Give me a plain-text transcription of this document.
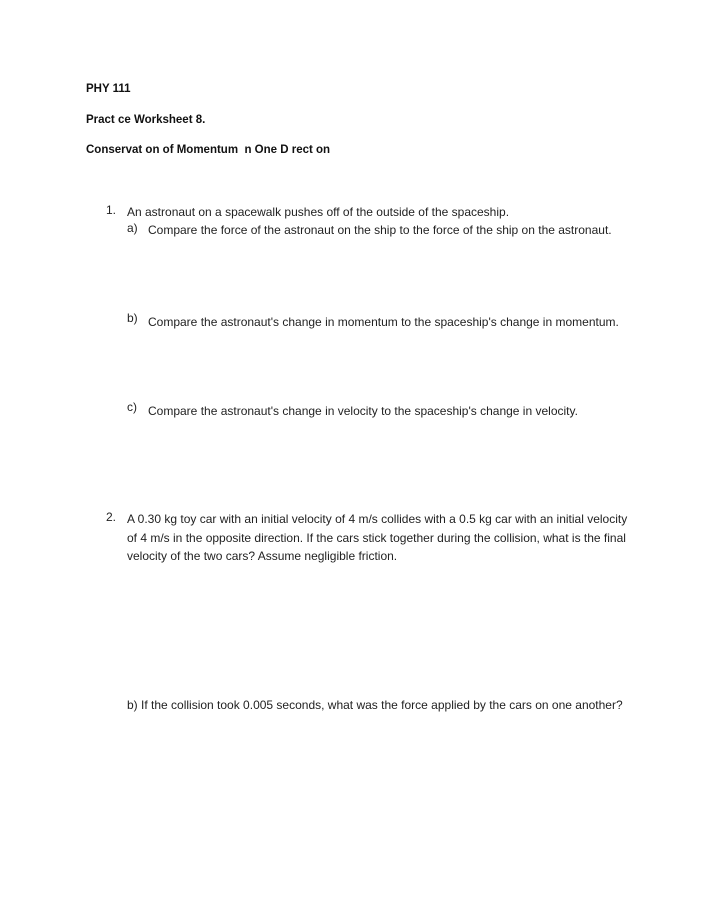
PHY 111
Pract ce Worksheet 8.
Conservat on of Momentum  n One D rect on
1. An astronaut on a spacewalk pushes off of the outside of the spaceship.
a) Compare the force of the astronaut on the ship to the force of the ship on the astronaut.
b) Compare the astronaut's change in momentum to the spaceship's change in momentum.
c) Compare the astronaut's change in velocity to the spaceship's change in velocity.
2. A 0.30 kg toy car with an initial velocity of 4 m/s collides with a 0.5 kg car with an initial velocity of 4 m/s in the opposite direction. If the cars stick together during the collision, what is the final velocity of the two cars? Assume negligible friction.
b) If the collision took 0.005 seconds, what was the force applied by the cars on one another?
